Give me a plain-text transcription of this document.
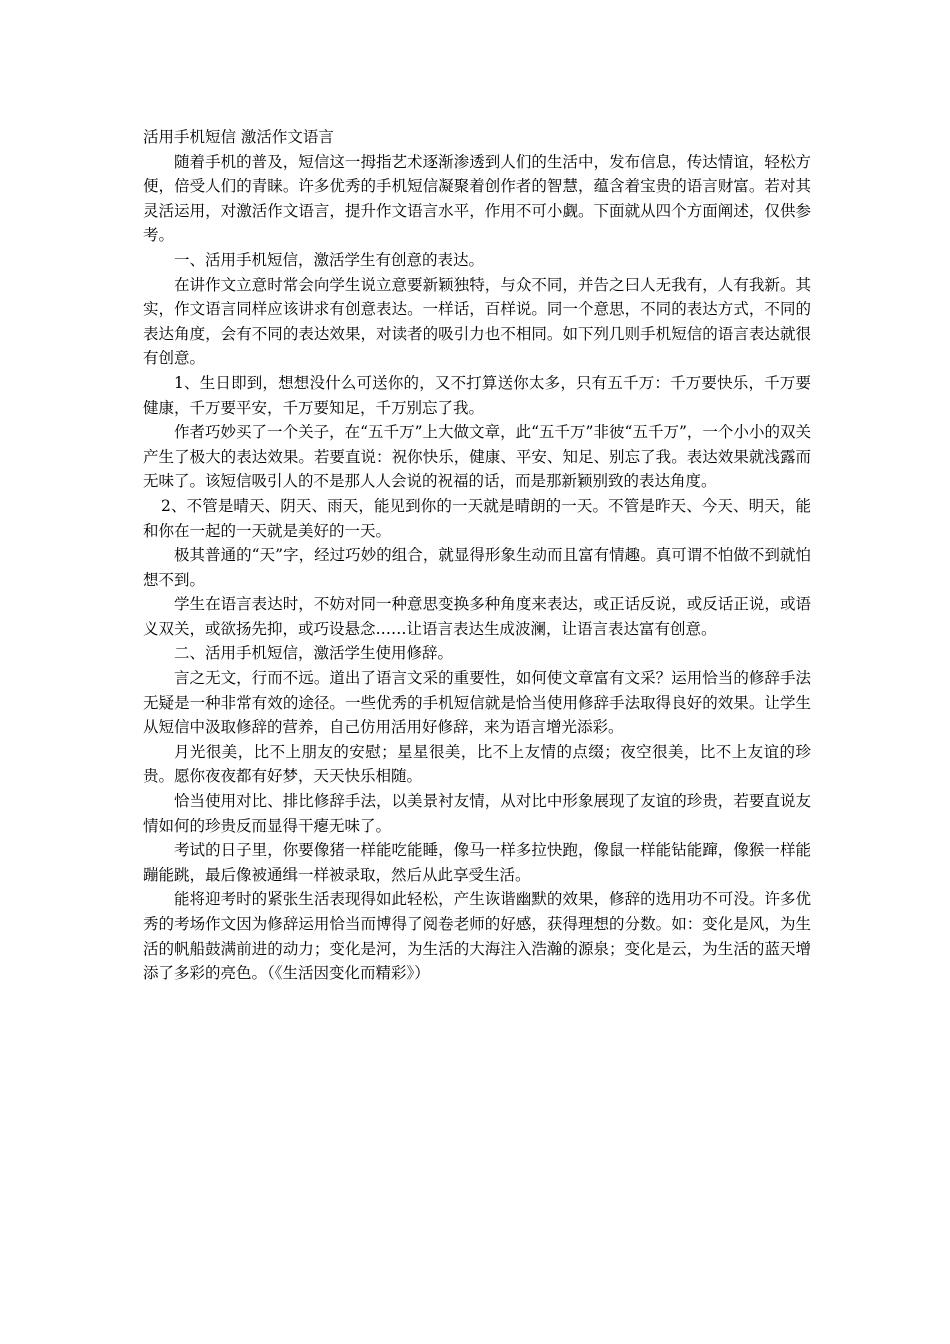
活用手机短信 激活作文语言

随着手机的普及，短信这一拇指艺术逐渐渗透到人们的生活中，发布信息，传达情谊，轻松方便，倍受人们的青睐。许多优秀的手机短信凝聚着创作者的智慧，蕴含着宝贵的语言财富。若对其灵活运用，对激活作文语言，提升作文语言水平，作用不可小觑。下面就从四个方面阐述，仅供参考。

一、活用手机短信，激活学生有创意的表达。

在讲作文立意时常会向学生说立意要新颖独特，与众不同，并告之曰人无我有，人有我新。其实，作文语言同样应该讲求有创意表达。一样话，百样说。同一个意思，不同的表达方式，不同的表达角度，会有不同的表达效果，对读者的吸引力也不相同。如下列几则手机短信的语言表达就很有创意。

1、生日即到，想想没什么可送你的，又不打算送你太多，只有五千万：千万要快乐，千万要健康，千万要平安，千万要知足，千万别忘了我。

作者巧妙买了一个关子，在“五千万”上大做文章，此“五千万”非彼“五千万”，一个小小的双关产生了极大的表达效果。若要直说：祝你快乐，健康、平安、知足、别忘了我。表达效果就浅露而无味了。该短信吸引人的不是那人人会说的祝福的话，而是那新颖别致的表达角度。

2、不管是晴天、阴天、雨天，能见到你的一天就是晴朗的一天。不管是昨天、今天、明天，能和你在一起的一天就是美好的一天。

极其普通的“天”字，经过巧妙的组合，就显得形象生动而且富有情趣。真可谓不怕做不到就怕想不到。

学生在语言表达时，不妨对同一种意思变换多种角度来表达，或正话反说，或反话正说，或语义双关，或欲扬先抑，或巧设悬念……让语言表达生成波澜，让语言表达富有创意。

二、活用手机短信，激活学生使用修辞。

言之无文，行而不远。道出了语言文采的重要性，如何使文章富有文采？运用恰当的修辞手法无疑是一种非常有效的途径。一些优秀的手机短信就是恰当使用修辞手法取得良好的效果。让学生从短信中汲取修辞的营养，自己仿用活用好修辞，来为语言增光添彩。

月光很美，比不上朋友的安慰；星星很美，比不上友情的点缀；夜空很美，比不上友谊的珍贵。愿你夜夜都有好梦，天天快乐相随。

恰当使用对比、排比修辞手法，以美景衬友情，从对比中形象展现了友谊的珍贵，若要直说友情如何的珍贵反而显得干瘪无味了。

考试的日子里，你要像猪一样能吃能睡，像马一样多拉快跑，像鼠一样能钻能蹿，像猴一样能蹦能跳，最后像被通缉一样被录取，然后从此享受生活。

能将迎考时的紧张生活表现得如此轻松，产生诙谐幽默的效果，修辞的选用功不可没。许多优秀的考场作文因为修辞运用恰当而博得了阅卷老师的好感，获得理想的分数。如：变化是风，为生活的帆船鼓满前进的动力；变化是河，为生活的大海注入浩瀚的源泉；变化是云，为生活的蓝天增添了多彩的亮色。（《生活因变化而精彩》）
